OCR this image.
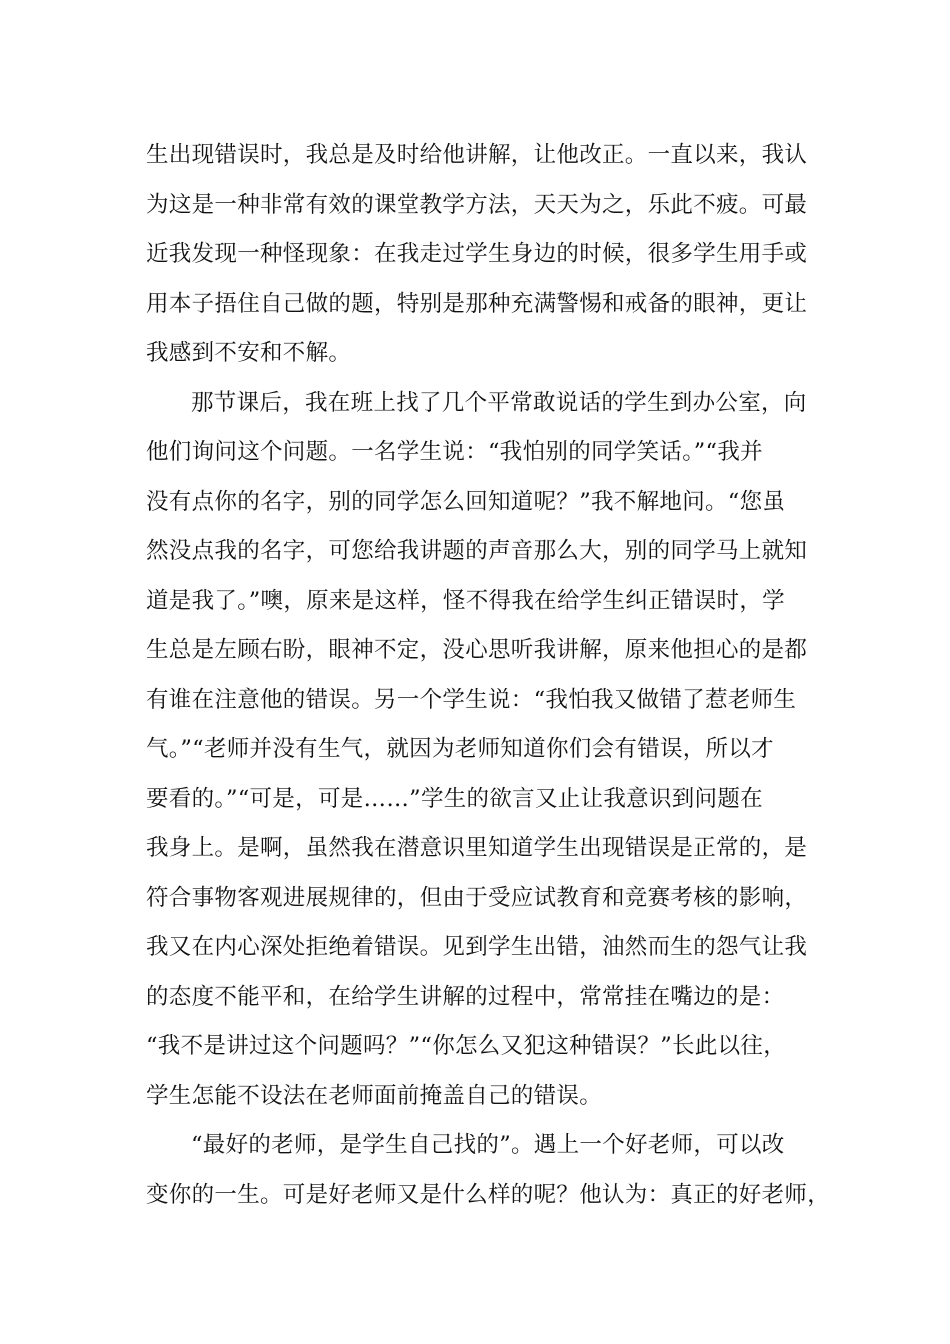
生出现错误时，我总是及时给他讲解，让他改正。一直以来，我认
为这是一种非常有效的课堂教学方法，天天为之，乐此不疲。可最
近我发现一种怪现象：在我走过学生身边的时候，很多学生用手或
用本子捂住自己做的题，特别是那种充满警惕和戒备的眼神，更让
我感到不安和不解。
那节课后，我在班上找了几个平常敢说话的学生到办公室，向
他们询问这个问题。一名学生说：“我怕别的同学笑话。”“我并
没有点你的名字，别的同学怎么回知道呢？”我不解地问。“您虽
然没点我的名字，可您给我讲题的声音那么大，别的同学马上就知
道是我了。”噢，原来是这样，怪不得我在给学生纠正错误时，学
生总是左顾右盼，眼神不定，没心思听我讲解，原来他担心的是都
有谁在注意他的错误。另一个学生说：“我怕我又做错了惹老师生
气。”“老师并没有生气，就因为老师知道你们会有错误，所以才
要看的。”“可是，可是……”学生的欲言又止让我意识到问题在
我身上。是啊，虽然我在潜意识里知道学生出现错误是正常的，是
符合事物客观进展规律的，但由于受应试教育和竞赛考核的影响，
我又在内心深处拒绝着错误。见到学生出错，油然而生的怨气让我
的态度不能平和，在给学生讲解的过程中，常常挂在嘴边的是：
“我不是讲过这个问题吗？”“你怎么又犯这种错误？”长此以往，
学生怎能不设法在老师面前掩盖自己的错误。
“最好的老师，是学生自己找的”。遇上一个好老师，可以改
变你的一生。可是好老师又是什么样的呢？他认为：真正的好老师，
